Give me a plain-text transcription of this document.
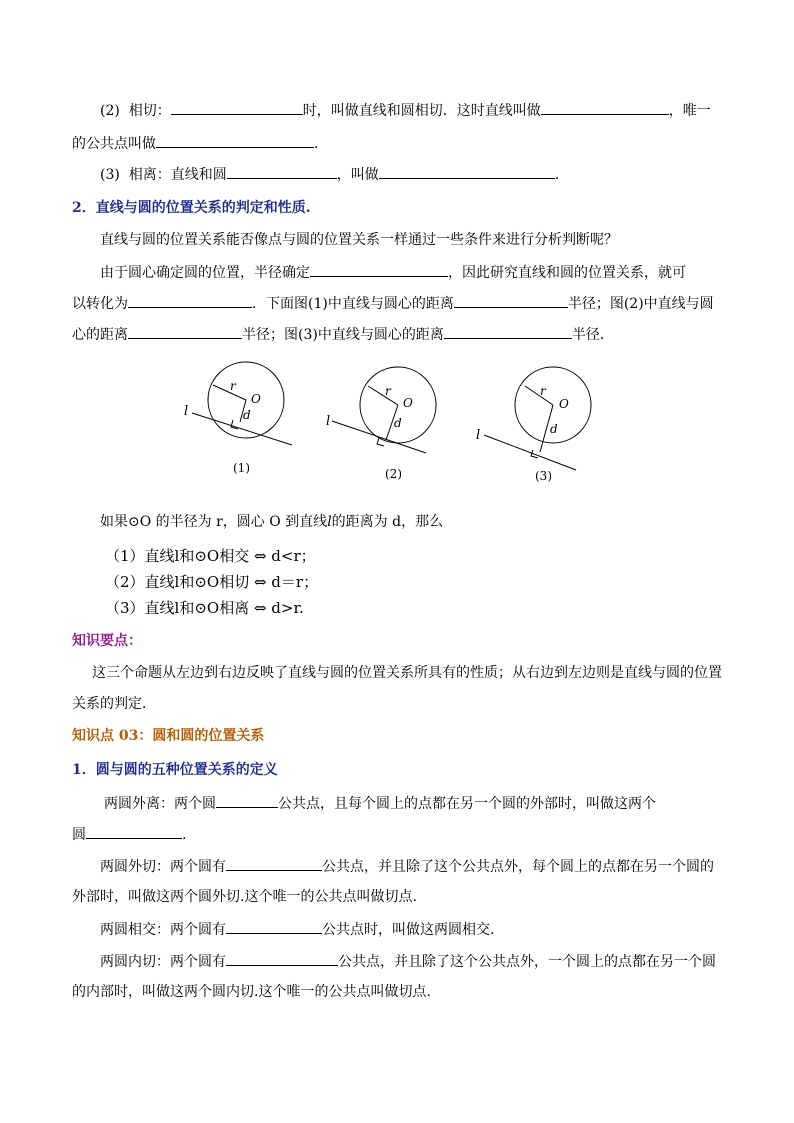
(2) 相切：	时，叫做直线和圆相切．这时直线叫做	，唯一
的公共点叫做	.
(3) 相离：直线和圆	，叫做	.
2．直线与圆的位置关系的判定和性质.
直线与圆的位置关系能否像点与圆的位置关系一样通过一些条件来进行分析判断呢？
由于圆心确定圆的位置，半径确定	，因此研究直线和圆的位置关系，就可
以转化为	．下面图(1)中直线与圆心的距离	半径；图(2)中直线与圆
心的距离	半径；图(3)中直线与圆心的距离	半径．
r
O
d
l
(1)
r
O
d
l
(2)
r
O
d
l
(3)
如果⊙O 的半径为 r，圆心 O 到直线l的距离为 d，那么
（1）直线l和⊙O相交 ⇔ d<r；
（2）直线l和⊙O相切 ⇔ d＝r；
（3）直线l和⊙O相离 ⇔ d>r.
知识要点：
这三个命题从左边到右边反映了直线与圆的位置关系所具有的性质；从右边到左边则是直线与圆的位置
关系的判定．
知识点 03：圆和圆的位置关系
1．圆与圆的五种位置关系的定义
两圆外离：两个圆	公共点，且每个圆上的点都在另一个圆的外部时，叫做这两个
圆	.
两圆外切：两个圆有	公共点，并且除了这个公共点外，每个圆上的点都在另一个圆的
外部时，叫做这两个圆外切.这个唯一的公共点叫做切点.
两圆相交：两个圆有	公共点时，叫做这两圆相交.
两圆内切：两个圆有	公共点，并且除了这个公共点外，一个圆上的点都在另一个圆
的内部时，叫做这两个圆内切.这个唯一的公共点叫做切点.
